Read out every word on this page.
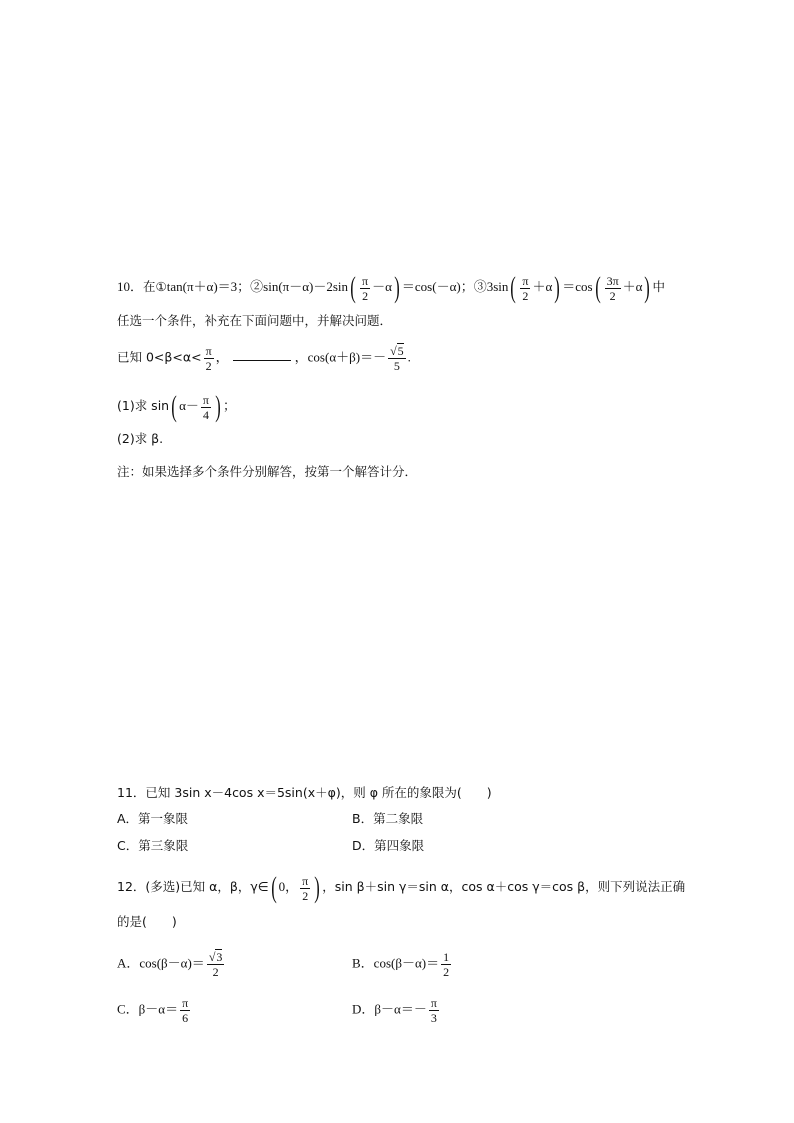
10．在①tan(π＋α)＝3；②sin(π－α)－2sin( $\frac{\pi}{2} -\alpha) =\cos(-\alpha)$；③3sin( $\frac{\pi}{2} +\alpha) =\cos( \frac{3\pi}{2} +\alpha)$ 中
任选一个条件，补充在下面问题中，并解决问题．
已知 $0<\beta<\alpha< \frac{\pi}{2}$ ，	，$\cos(\alpha+\beta)=- \frac{√5}{5}$ .
(1)求 sin( $\alpha- \frac{\pi}{4}$ ) ；
(2)求 β.
注：如果选择多个条件分别解答，按第一个解答计分．
11．已知 3sin x－4cos x＝5sin(x＋φ)，则 φ 所在的象限为(　　)
A．第一象限	B．第二象限
C．第三象限	D．第四象限
12．(多选)已知 α，β，γ∈( 0， $\frac{\pi}{2}$ ) ，sin β＋sin γ＝sin α，cos α＋cos γ＝cos β，则下列说法正确
的是(　　)
A．$\cos(\beta-\alpha)= \frac{√3}{2}$	B．$\cos(\beta-\alpha)= \frac{1}{2}$
C．$\beta-\alpha= \frac{\pi}{6}$	D．$\beta-\alpha=- \frac{\pi}{3}$
